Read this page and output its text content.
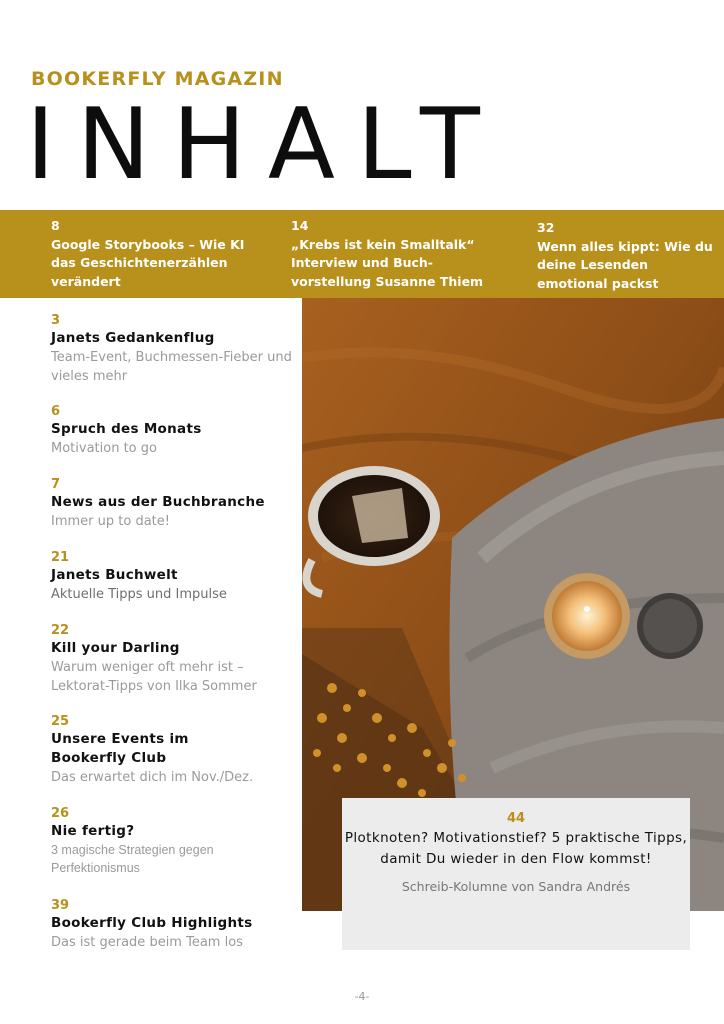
BOOKERFLY MAGAZIN
INHALT
8
Google Storybooks – Wie KI das Geschichtenerzählen verändert
14
„Krebs ist kein Smalltalk“ Interview und Buch-vorstellung Susanne Thiem
32
Wenn alles kippt: Wie du deine Lesenden emotional packst
3
Janets Gedankenflug
Team-Event, Buchmessen-Fieber und vieles mehr
6
Spruch des Monats
Motivation to go
7
News aus der Buchbranche
Immer up to date!
21
Janets Buchwelt
Aktuelle Tipps und Impulse
22
Kill your Darling
Warum weniger oft mehr ist – Lektorat-Tipps von Ilka Sommer
25
Unsere Events im Bookerfly Club
Das erwartet dich im Nov./Dez.
26
Nie fertig?
3 magische Strategien gegen Perfektionismus
39
Bookerfly Club Highlights
Das ist gerade beim Team los
44
Plotknoten? Motivationstief? 5 praktische Tipps, damit Du wieder in den Flow kommst!
Schreib-Kolumne von Sandra Andrés
-4-
